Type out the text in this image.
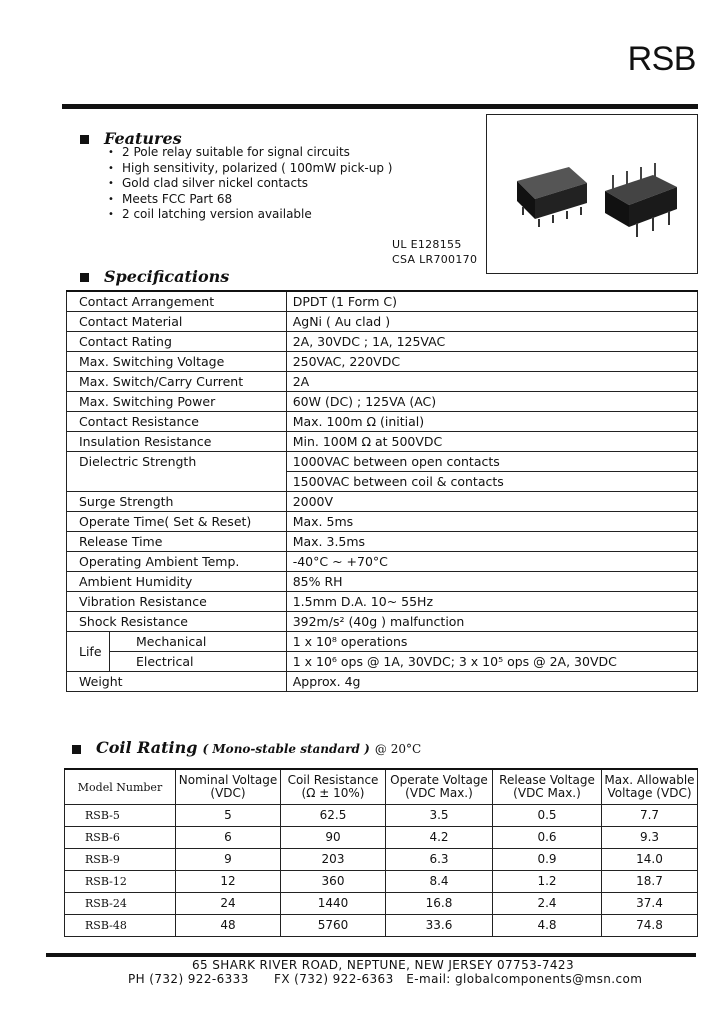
RSB
Features
• 2 Pole relay suitable for signal circuits
• High sensitivity, polarized ( 100mW pick-up )
• Gold clad silver nickel contacts
• Meets FCC Part 68
• 2 coil latching version available
UL E128155
CSA LR700170
Specifications
Contact Arrangement		DPDT (1 Form C)
Contact Material		AgNi ( Au clad )
Contact Rating		2A, 30VDC ; 1A, 125VAC
Max. Switching Voltage		250VAC, 220VDC
Max. Switch/Carry Current		2A
Max. Switching Power		60W (DC) ; 125VA (AC)
Contact Resistance		Max. 100m Ω (initial)
Insulation Resistance		Min. 100M Ω at 500VDC
Dielectric Strength		1000VAC between open contacts
		1500VAC between coil & contacts
Surge Strength		2000V
Operate Time( Set & Reset)		Max. 5ms
Release Time		Max. 3.5ms
Operating Ambient Temp.		-40°C ~ +70°C
Ambient Humidity		85% RH
Vibration Resistance		1.5mm D.A. 10~ 55Hz
Shock Resistance		392m/s² (40g ) malfunction
Life	Mechanical	1 x 10⁸ operations
	Electrical	1 x 10⁶ ops @ 1A, 30VDC; 3 x 10⁵ ops @ 2A, 30VDC
Weight		Approx. 4g
Coil Rating ( Mono-stable standard ) @ 20°C
Model Number	Nominal Voltage (VDC)	Coil Resistance (Ω ± 10%)	Operate Voltage (VDC Max.)	Release Voltage (VDC Max.)	Max. Allowable Voltage (VDC)
RSB-5	5	62.5	3.5	0.5	7.7
RSB-6	6	90	4.2	0.6	9.3
RSB-9	9	203	6.3	0.9	14.0
RSB-12	12	360	8.4	1.2	18.7
RSB-24	24	1440	16.8	2.4	37.4
RSB-48	48	5760	33.6	4.8	74.8
65 SHARK RIVER ROAD, NEPTUNE, NEW JERSEY 07753-7423
PH (732) 922-6333 FX (732) 922-6363 E-mail: globalcomponents@msn.com
